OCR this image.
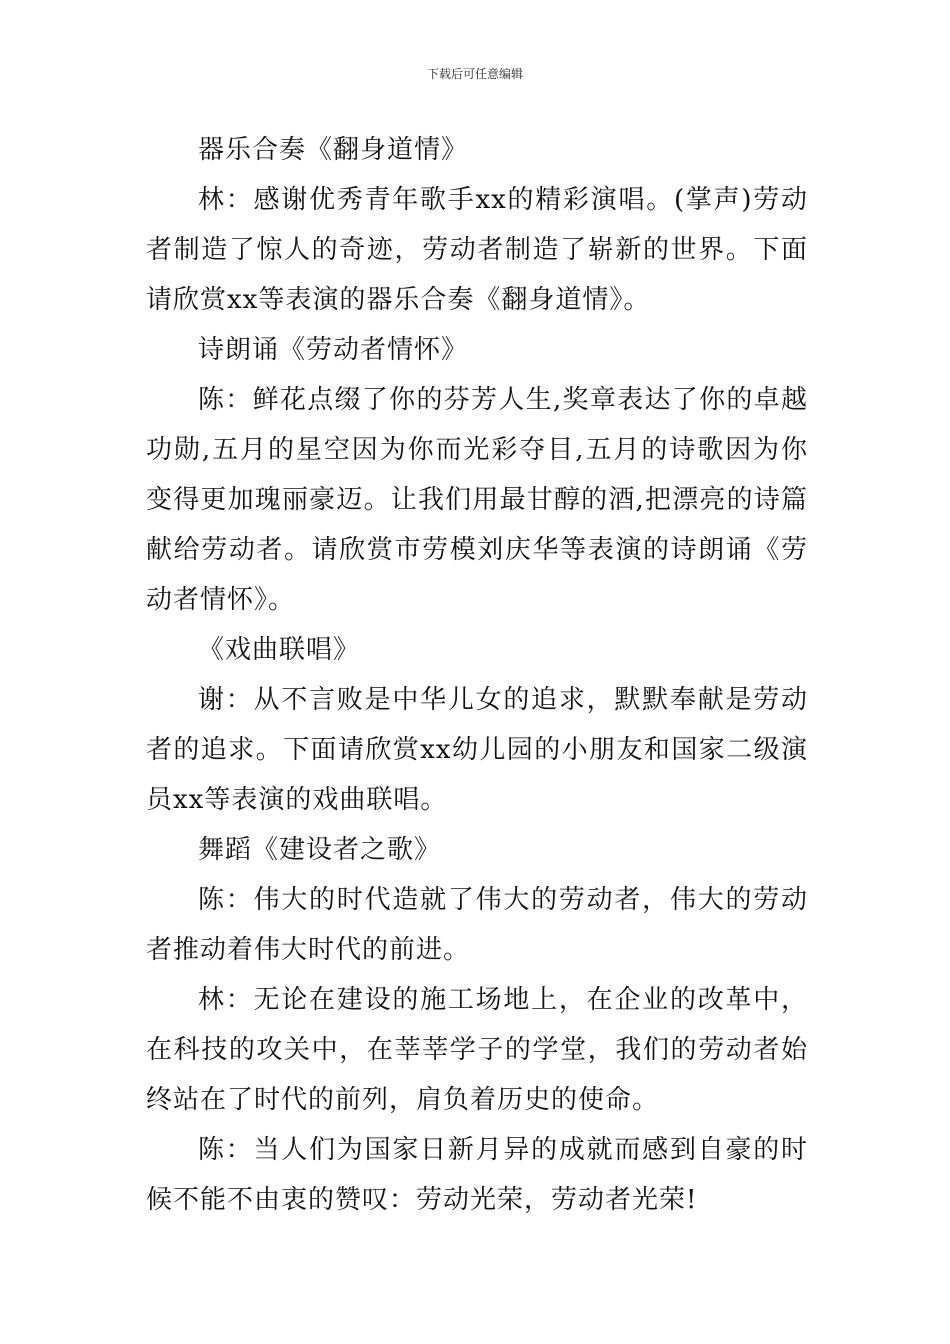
下载后可任意编辑

器乐合奏《翻身道情》

林：感谢优秀青年歌手xx的精彩演唱。(掌声)劳动者制造了惊人的奇迹，劳动者制造了崭新的世界。下面请欣赏xx等表演的器乐合奏《翻身道情》。

诗朗诵《劳动者情怀》

陈：鲜花点缀了你的芬芳人生,奖章表达了你的卓越功勋,五月的星空因为你而光彩夺目,五月的诗歌因为你变得更加瑰丽豪迈。让我们用最甘醇的酒,把漂亮的诗篇献给劳动者。请欣赏市劳模刘庆华等表演的诗朗诵《劳动者情怀》。

《戏曲联唱》

谢：从不言败是中华儿女的追求，默默奉献是劳动者的追求。下面请欣赏xx幼儿园的小朋友和国家二级演员xx等表演的戏曲联唱。

舞蹈《建设者之歌》

陈：伟大的时代造就了伟大的劳动者，伟大的劳动者推动着伟大时代的前进。

林：无论在建设的施工场地上，在企业的改革中，在科技的攻关中，在莘莘学子的学堂，我们的劳动者始终站在了时代的前列，肩负着历史的使命。

陈：当人们为国家日新月异的成就而感到自豪的时候不能不由衷的赞叹：劳动光荣，劳动者光荣!
